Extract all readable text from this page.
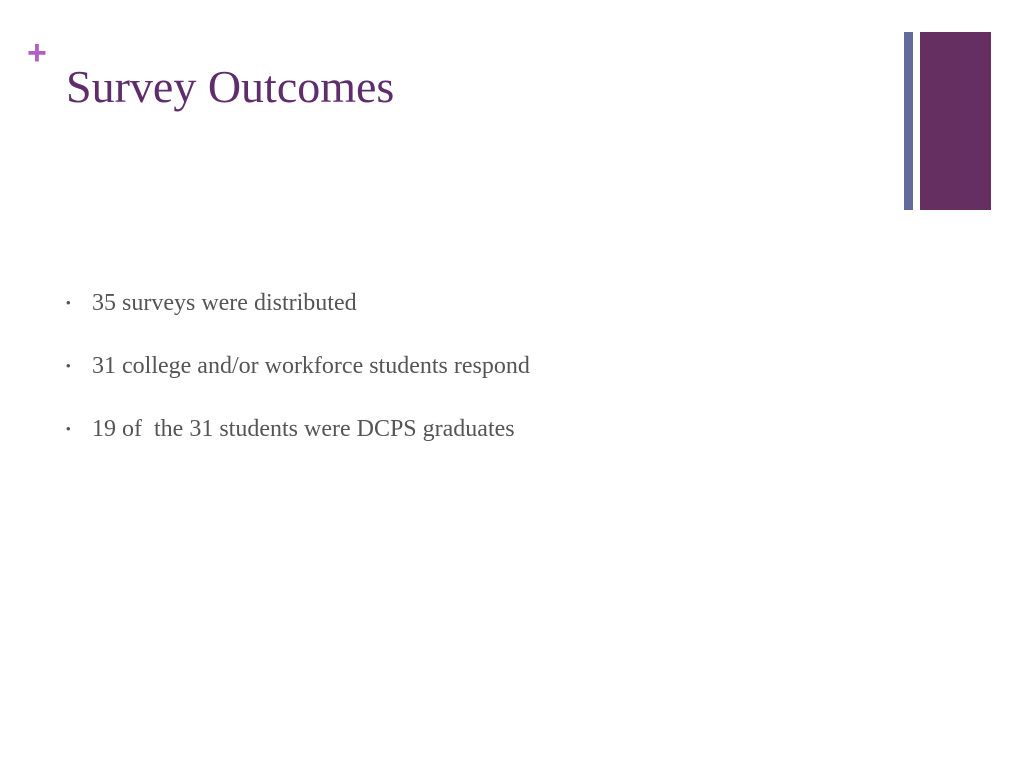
+
Survey Outcomes
• 35 surveys were distributed
• 31 college and/or workforce students respond
• 19 of  the 31 students were DCPS graduates
